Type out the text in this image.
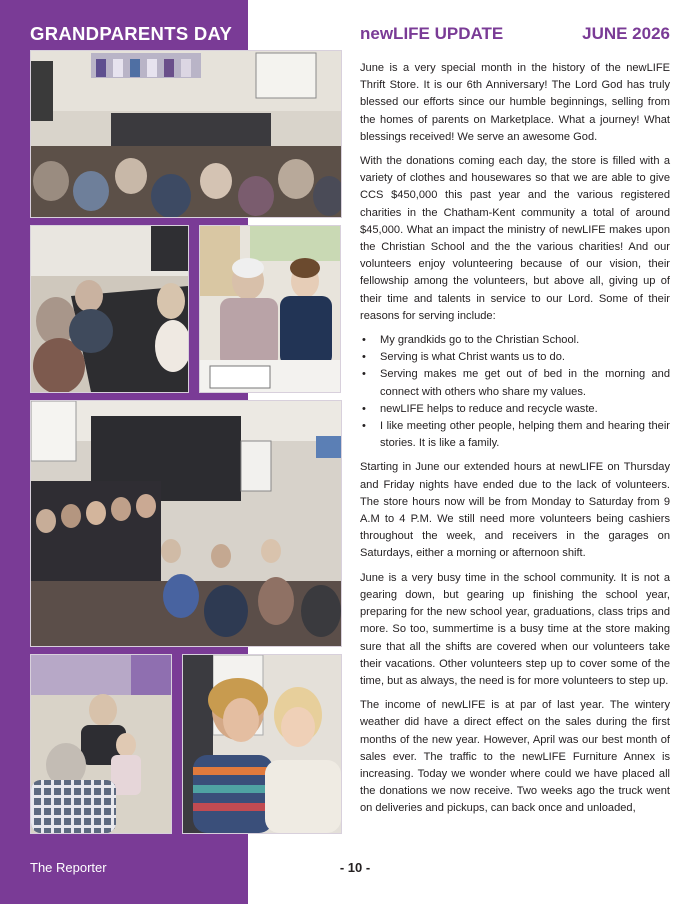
GRANDPARENTS DAY	newLIFE UPDATE	JUNE 2026

June is a very special month in the history of the newLIFE Thrift Store. It is our 6th Anniversary! The Lord God has truly blessed our efforts since our humble beginnings, selling from the homes of parents on Marketplace. What a journey! What blessings received! We serve an awesome God.

With the donations coming each day, the store is filled with a variety of clothes and housewares so that we are able to give CCS $450,000 this past year and the various registered charities in the Chatham-Kent community a total of around $45,000. What an impact the ministry of newLIFE makes upon the Christian School and the the various charities! And our volunteers enjoy volunteering because of our vision, their fellowship among the volunteers, but above all, giving up of their time and talents in service to our Lord. Some of their reasons for serving include:

• My grandkids go to the Christian School.
• Serving is what Christ wants us to do.
• Serving makes me get out of bed in the morning and connect with others who share my values.
• newLIFE helps to reduce and recycle waste.
• I like meeting other people, helping them and hearing their stories. It is like a family.

Starting in June our extended hours at newLIFE on Thursday and Friday nights have ended due to the lack of volunteers. The store hours now will be from Monday to Saturday from 9 A.M to 4 P.M. We still need more volunteers being cashiers throughout the week, and receivers in the garages on Saturdays, either a morning or afternoon shift.

June is a very busy time in the school community. It is not a gearing down, but gearing up finishing the school year, preparing for the new school year, graduations, class trips and more. So too, summertime is a busy time at the store making sure that all the shifts are covered when our volunteers take their vacations. Other volunteers step up to cover some of the time, but as always, the need is for more volunteers to step up.

The income of newLIFE is at par of last year. The wintery weather did have a direct effect on the sales during the first months of the new year. However, April was our best month of sales ever. The traffic to the newLIFE Furniture Annex is increasing. Today we wonder where could we have placed all the donations we now receive. Two weeks ago the truck went on deliveries and pickups, can back once and unloaded,

The Reporter	- 10 -
